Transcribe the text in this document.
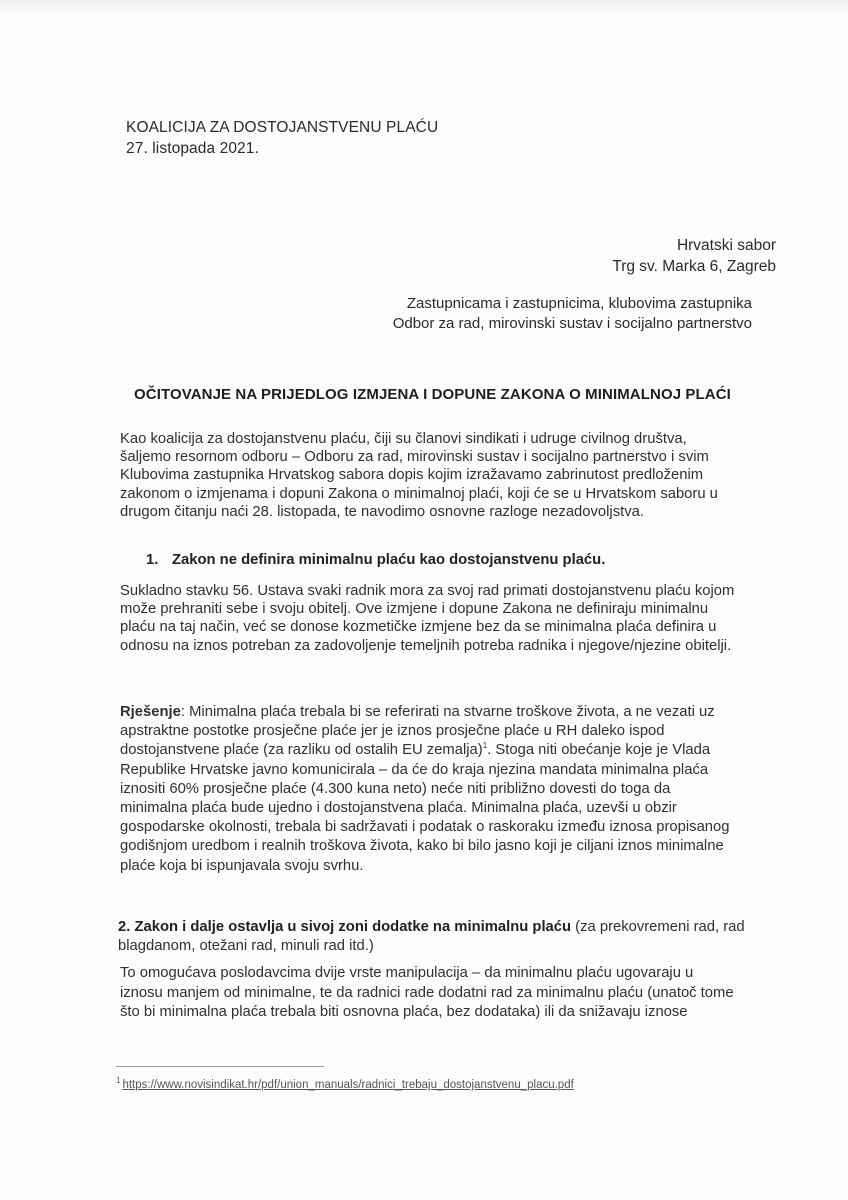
KOALICIJA ZA DOSTOJANSTVENU PLAĆU
27. listopada 2021.
Hrvatski sabor
Trg sv. Marka 6, Zagreb
Zastupnicama i zastupnicima, klubovima zastupnika
Odbor za rad, mirovinski sustav i socijalno partnerstvo
OČITOVANJE NA PRIJEDLOG IZMJENA I DOPUNE ZAKONA O MINIMALNOJ PLAĆI
Kao koalicija za dostojanstvenu plaću, čiji su članovi sindikati i udruge civilnog društva, šaljemo resornom odboru – Odboru za rad, mirovinski sustav i socijalno partnerstvo i svim Klubovima zastupnika Hrvatskog sabora dopis kojim izražavamo zabrinutost predloženim zakonom o izmjenama i dopuni Zakona o minimalnoj plaći, koji će se u Hrvatskom saboru u drugom čitanju naći 28. listopada, te navodimo osnovne razloge nezadovoljstva.
1. Zakon ne definira minimalnu plaću kao dostojanstvenu plaću.
Sukladno stavku 56. Ustava svaki radnik mora za svoj rad primati dostojanstvenu plaću kojom može prehraniti sebe i svoju obitelj. Ove izmjene i dopune Zakona ne definiraju minimalnu plaću na taj način, već se donose kozmetičke izmjene bez da se minimalna plaća definira u odnosu na iznos potreban za zadovoljenje temeljnih potreba radnika i njegove/njezine obitelji.
Rješenje: Minimalna plaća trebala bi se referirati na stvarne troškove života, a ne vezati uz apstraktne postotke prosječne plaće jer je iznos prosječne plaće u RH daleko ispod dostojanstvene plaće (za razliku od ostalih EU zemalja)$^1$. Stoga niti obećanje koje je Vlada Republike Hrvatske javno komunicirala – da će do kraja njezina mandata minimalna plaća iznositi 60% prosječne plaće (4.300 kuna neto) neće niti približno dovesti do toga da minimalna plaća bude ujedno i dostojanstvena plaća. Minimalna plaća, uzevši u obzir gospodarske okolnosti, trebala bi sadržavati i podatak o raskoraku između iznosa propisanog godišnjom uredbom i realnih troškova života, kako bi bilo jasno koji je ciljani iznos minimalne plaće koja bi ispunjavala svoju svrhu.
2. Zakon i dalje ostavlja u sivoj zoni dodatke na minimalnu plaću (za prekovremeni rad, rad blagdanom, otežani rad, minuli rad itd.)
To omogućava poslodavcima dvije vrste manipulacija – da minimalnu plaću ugovaraju u iznosu manjem od minimalne, te da radnici rade dodatni rad za minimalnu plaću (unatoč tome što bi minimalna plaća trebala biti osnovna plaća, bez dodataka) ili da snižavaju iznose
$^1$ https://www.novisindikat.hr/pdf/union_manuals/radnici_trebaju_dostojanstvenu_placu.pdf
